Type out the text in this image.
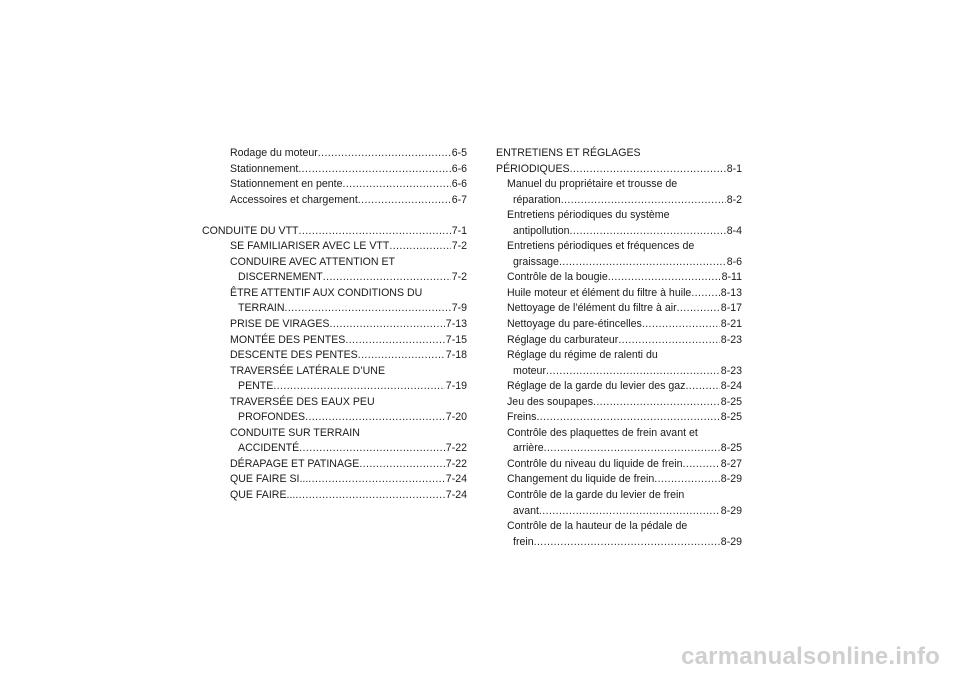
Rodage du moteur .....	6-5
Stationnement .....	6-6
Stationnement en pente .....	6-6
Accessoires et chargement .....	6-7
CONDUITE DU VTT .....	7-1
SE FAMILIARISER AVEC LE VTT .....	7-2
CONDUIRE AVEC ATTENTION ET
DISCERNEMENT .....	7-2
ÊTRE ATTENTIF AUX CONDITIONS DU
TERRAIN .....	7-9
PRISE DE VIRAGES .....	7-13
MONTÉE DES PENTES .....	7-15
DESCENTE DES PENTES .....	7-18
TRAVERSÉE LATÉRALE D’UNE
PENTE .....	7-19
TRAVERSÉE DES EAUX PEU
PROFONDES .....	7-20
CONDUITE SUR TERRAIN
ACCIDENTÉ .....	7-22
DÉRAPAGE ET PATINAGE .....	7-22
QUE FAIRE SI... .....	7-24
QUE FAIRE... .....	7-24
ENTRETIENS ET RÉGLAGES
PÉRIODIQUES .....	8-1
Manuel du propriétaire et trousse de
réparation .....	8-2
Entretiens périodiques du système
antipollution .....	8-4
Entretiens périodiques et fréquences de
graissage .....	8-6
Contrôle de la bougie .....	8-11
Huile moteur et élément du filtre à huile .....	8-13
Nettoyage de l’élément du filtre à air .....	8-17
Nettoyage du pare-étincelles .....	8-21
Réglage du carburateur .....	8-23
Réglage du régime de ralenti du
moteur .....	8-23
Réglage de la garde du levier des gaz .....	8-24
Jeu des soupapes .....	8-25
Freins .....	8-25
Contrôle des plaquettes de frein avant et
arrière .....	8-25
Contrôle du niveau du liquide de frein .....	8-27
Changement du liquide de frein .....	8-29
Contrôle de la garde du levier de frein
avant .....	8-29
Contrôle de la hauteur de la pédale de
frein .....	8-29
carmanualsonline.info
